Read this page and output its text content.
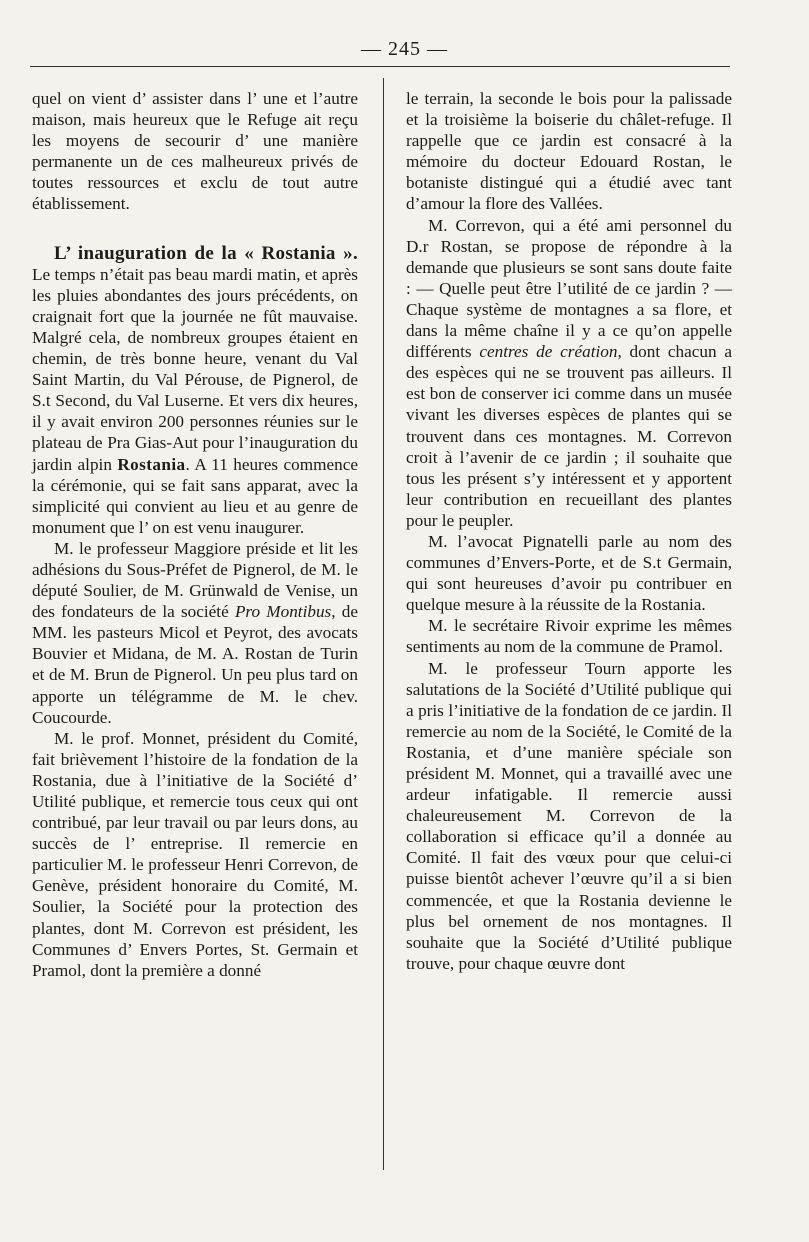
— 245 —

quel on vient d’ assister dans l’ une et l’autre maison, mais heureux que le Refuge ait reçu les moyens de secourir d’ une manière permanente un de ces malheureux privés de toutes ressources et exclu de tout autre établissement.

L’ inauguration de la « Rostania ». Le temps n’était pas beau mardi matin, et après les pluies abondantes des jours précédents, on craignait fort que la journée ne fût mauvaise. Malgré cela, de nombreux groupes étaient en chemin, de très bonne heure, venant du Val Saint Martin, du Val Pérouse, de Pignerol, de S.t Second, du Val Luserne. Et vers dix heures, il y avait environ 200 personnes réunies sur le plateau de Pra Gias-Aut pour l’inauguration du jardin alpin Rostania. A 11 heures commence la cérémonie, qui se fait sans apparat, avec la simplicité qui convient au lieu et au genre de monument que l’ on est venu inaugurer.

M. le professeur Maggiore préside et lit les adhésions du Sous-Préfet de Pignerol, de M. le député Soulier, de M. Grünwald de Venise, un des fondateurs de la société Pro Montibus, de MM. les pasteurs Micol et Peyrot, des avocats Bouvier et Midana, de M. A. Rostan de Turin et de M. Brun de Pignerol. Un peu plus tard on apporte un télégramme de M. le chev. Coucourde.

M. le prof. Monnet, président du Comité, fait brièvement l’histoire de la fondation de la Rostania, due à l’initiative de la Société d’ Utilité publique, et remercie tous ceux qui ont contribué, par leur travail ou par leurs dons, au succès de l’ entreprise. Il remercie en particulier M. le professeur Henri Correvon, de Genève, président honoraire du Comité, M. Soulier, la Société pour la protection des plantes, dont M. Correvon est président, les Communes d’ Envers Portes, St. Germain et Pramol, dont la première a donné

le terrain, la seconde le bois pour la palissade et la troisième la boiserie du châlet-refuge. Il rappelle que ce jardin est consacré à la mémoire du docteur Edouard Rostan, le botaniste distingué qui a étudié avec tant d’amour la flore des Vallées.

M. Correvon, qui a été ami personnel du D.r Rostan, se propose de répondre à la demande que plusieurs se sont sans doute faite : — Quelle peut être l’utilité de ce jardin ? — Chaque système de montagnes a sa flore, et dans la même chaîne il y a ce qu’on appelle différents centres de création, dont chacun a des espèces qui ne se trouvent pas ailleurs. Il est bon de conserver ici comme dans un musée vivant les diverses espèces de plantes qui se trouvent dans ces montagnes. M. Correvon croit à l’avenir de ce jardin ; il souhaite que tous les présent s’y intéressent et y apportent leur contribution en recueillant des plantes pour le peupler.

M. l’avocat Pignatelli parle au nom des communes d’Envers-Porte, et de S.t Germain, qui sont heureuses d’avoir pu contribuer en quelque mesure à la réussite de la Rostania.

M. le secrétaire Rivoir exprime les mêmes sentiments au nom de la commune de Pramol.

M. le professeur Tourn apporte les salutations de la Société d’Utilité publique qui a pris l’initiative de la fondation de ce jardin. Il remercie au nom de la Société, le Comité de la Rostania, et d’une manière spéciale son président M. Monnet, qui a travaillé avec une ardeur infatigable. Il remercie aussi chaleureusement M. Correvon de la collaboration si efficace qu’il a donnée au Comité. Il fait des vœux pour que celui-ci puisse bientôt achever l’œuvre qu’il a si bien commencée, et que la Rostania devienne le plus bel ornement de nos montagnes. Il souhaite que la Société d’Utilité publique trouve, pour chaque œuvre dont
